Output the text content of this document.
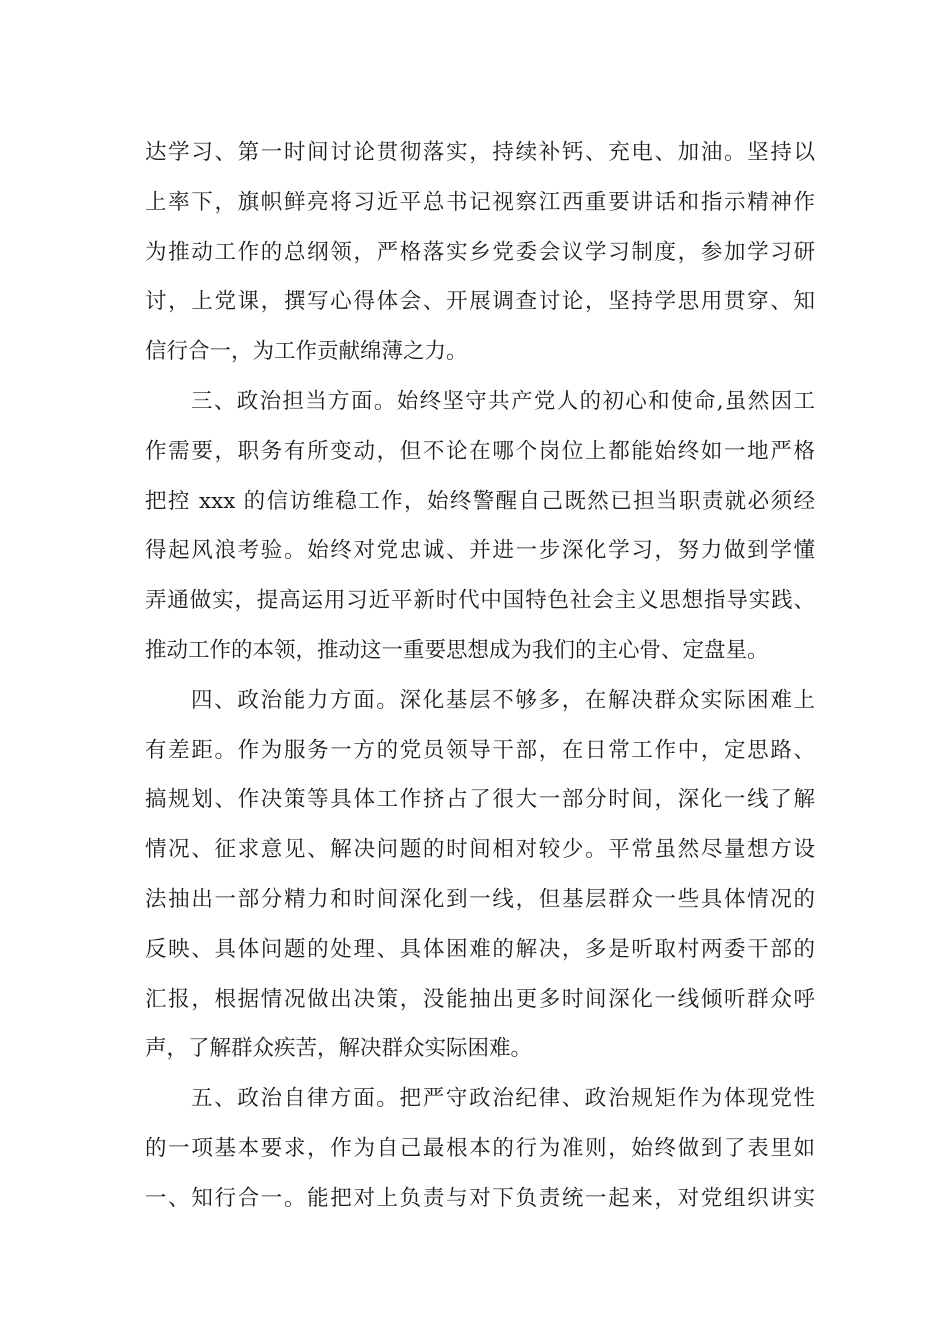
达学习、第一时间讨论贯彻落实，持续补钙、充电、加油。坚持以
上率下，旗帜鲜亮将习近平总书记视察江西重要讲话和指示精神作
为推动工作的总纲领，严格落实乡党委会议学习制度，参加学习研
讨，上党课，撰写心得体会、开展调查讨论，坚持学思用贯穿、知
信行合一，为工作贡献绵薄之力。
三、政治担当方面。始终坚守共产党人的初心和使命,虽然因工
作需要，职务有所变动，但不论在哪个岗位上都能始终如一地严格
把控 xxx 的信访维稳工作，始终警醒自己既然已担当职责就必须经
得起风浪考验。始终对党忠诚、并进一步深化学习，努力做到学懂
弄通做实，提高运用习近平新时代中国特色社会主义思想指导实践、
推动工作的本领，推动这一重要思想成为我们的主心骨、定盘星。
四、政治能力方面。深化基层不够多，在解决群众实际困难上
有差距。作为服务一方的党员领导干部，在日常工作中，定思路、
搞规划、作决策等具体工作挤占了很大一部分时间，深化一线了解
情况、征求意见、解决问题的时间相对较少。平常虽然尽量想方设
法抽出一部分精力和时间深化到一线，但基层群众一些具体情况的
反映、具体问题的处理、具体困难的解决，多是听取村两委干部的
汇报，根据情况做出决策，没能抽出更多时间深化一线倾听群众呼
声，了解群众疾苦，解决群众实际困难。
五、政治自律方面。把严守政治纪律、政治规矩作为体现党性
的一项基本要求，作为自己最根本的行为准则，始终做到了表里如
一、知行合一。能把对上负责与对下负责统一起来，对党组织讲实
